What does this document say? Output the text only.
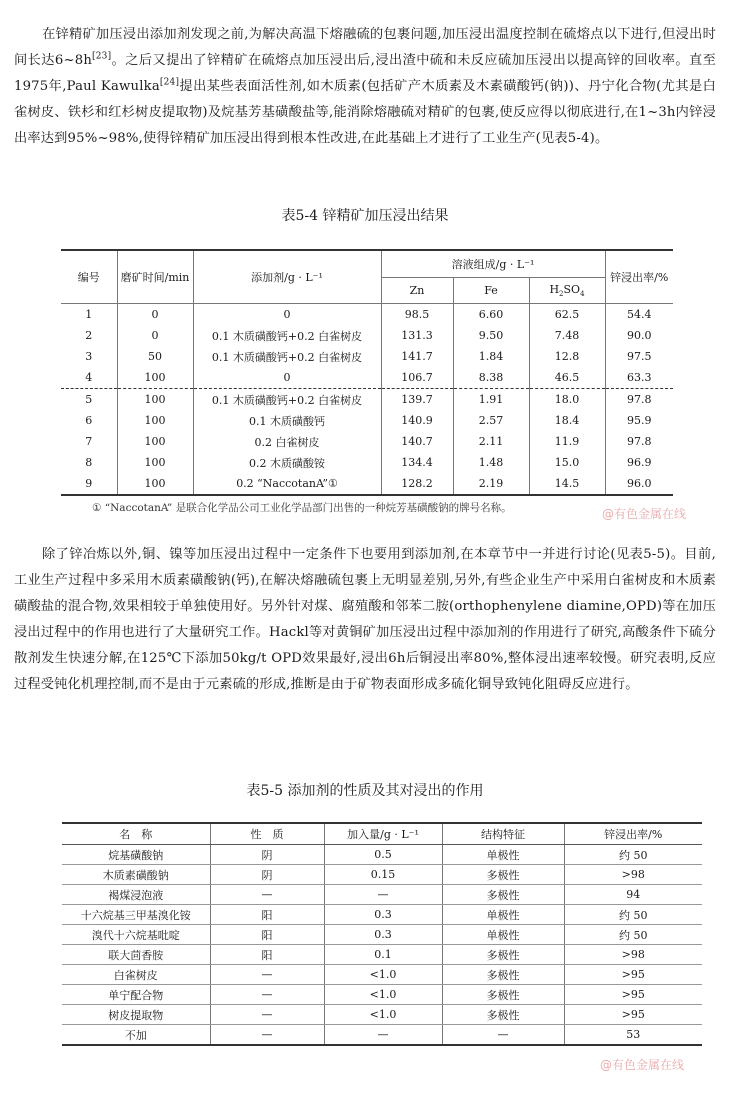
在锌精矿加压浸出添加剂发现之前,为解决高温下熔融硫的包裹问题,加压浸出温度控制在硫熔点以下进行,但浸出时间长达6~8h[23]。之后又提出了锌精矿在硫熔点加压浸出后,浸出渣中硫和未反应硫加压浸出以提高锌的回收率。直至1975年,Paul Kawulka[24]提出某些表面活性剂,如木质素(包括矿产木质素及木素磺酸钙(钠))、丹宁化合物(尤其是白雀树皮、铁杉和红杉树皮提取物)及烷基芳基磺酸盐等,能消除熔融硫对精矿的包裹,使反应得以彻底进行,在1~3h内锌浸出率达到95%~98%,使得锌精矿加压浸出得到根本性改进,在此基础上才进行了工业生产(见表5-4)。

表5-4 锌精矿加压浸出结果

编号	磨矿时间/min	添加剂/g · L⁻¹	溶液组成/g · L⁻¹			锌浸出率/%
			Zn	Fe	$H_2SO_4$
1	0	0	98.5	6.60	62.5	54.4
2	0	0.1 木质磺酸钙+0.2 白雀树皮	131.3	9.50	7.48	90.0
3	50	0.1 木质磺酸钙+0.2 白雀树皮	141.7	1.84	12.8	97.5
4	100	0	106.7	8.38	46.5	63.3
5	100	0.1 木质磺酸钙+0.2 白雀树皮	139.7	1.91	18.0	97.8
6	100	0.1 木质磺酸钙	140.9	2.57	18.4	95.9
7	100	0.2 白雀树皮	140.7	2.11	11.9	97.8
8	100	0.2 木质磺酸铵	134.4	1.48	15.0	96.9
9	100	0.2 “NaccotanA”①	128.2	2.19	14.5	96.0

① “NaccotanA” 是联合化学品公司工业化学品部门出售的一种烷芳基磺酸钠的牌号名称。	@有色金属在线

除了锌冶炼以外,铜、镍等加压浸出过程中一定条件下也要用到添加剂,在本章节中一并进行讨论(见表5-5)。目前,工业生产过程中多采用木质素磺酸钠(钙),在解决熔融硫包裹上无明显差别,另外,有些企业生产中采用白雀树皮和木质素磺酸盐的混合物,效果相较于单独使用好。另外针对煤、腐殖酸和邻苯二胺(orthophenylene diamine,OPD)等在加压浸出过程中的作用也进行了大量研究工作。Hackl等对黄铜矿加压浸出过程中添加剂的作用进行了研究,高酸条件下硫分散剂发生快速分解,在125℃下添加50kg/t OPD效果最好,浸出6h后铜浸出率80%,整体浸出速率较慢。研究表明,反应过程受钝化机理控制,而不是由于元素硫的形成,推断是由于矿物表面形成多硫化铜导致钝化阻碍反应进行。

表5-5 添加剂的性质及其对浸出的作用

名　称	性　质	加入量/g · L⁻¹	结构特征	锌浸出率/%
烷基磺酸钠	阴	0.5	单极性	约 50
木质素磺酸钠	阴	0.15	多极性	>98
褐煤浸泡液	—	—	多极性	94
十六烷基三甲基溴化铵	阳	0.3	单极性	约 50
溴代十六烷基吡啶	阳	0.3	单极性	约 50
联大茴香胺	阳	0.1	多极性	>98
白雀树皮	—	<1.0	多极性	>95
单宁配合物	—	<1.0	多极性	>95
树皮提取物	—	<1.0	多极性	>95
不加	—	—	—	53

@有色金属在线
